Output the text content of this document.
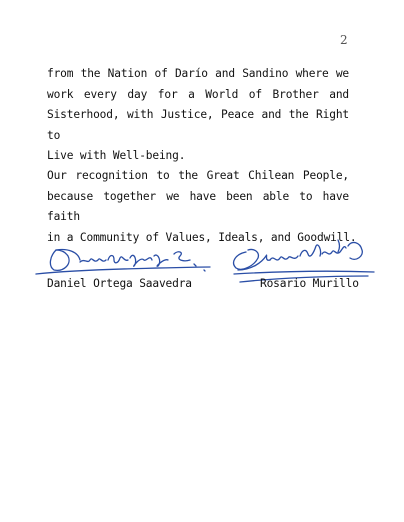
2
from the Nation of Darío and Sandino where we
work every day for a World of Brother and
Sisterhood, with Justice, Peace and the Right to
Live with Well-being.
Our recognition to the Great Chilean People,
because together we have been able to have faith
in a Community of Values, Ideals, and Goodwill.
Daniel Ortega Saavedra	Rosario Murillo
